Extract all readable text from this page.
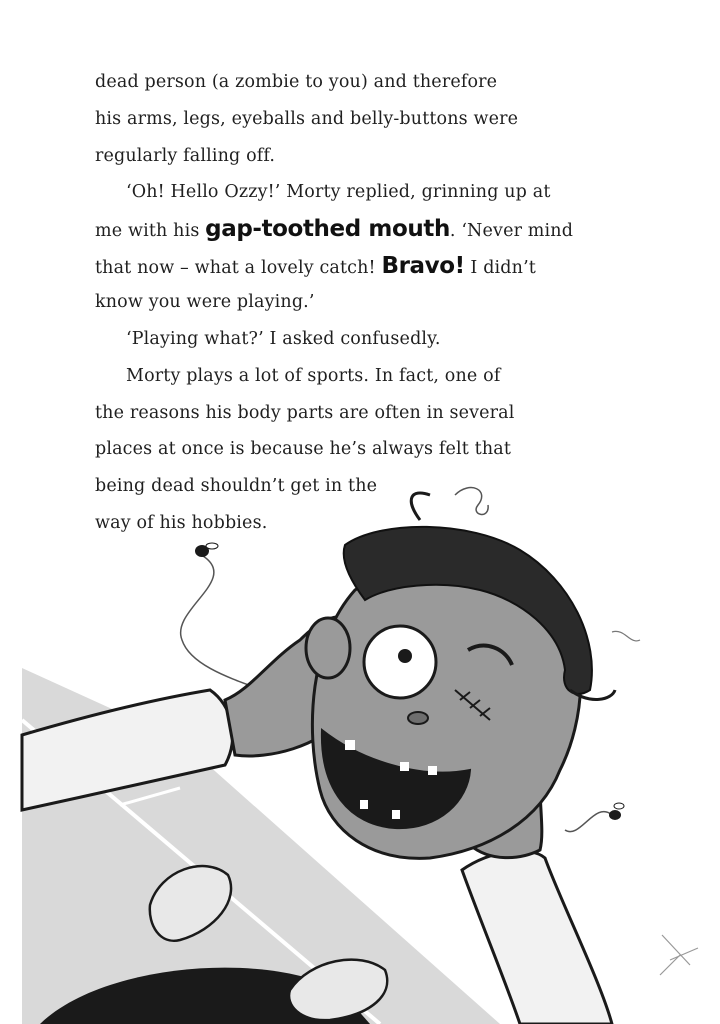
dead person (a zombie to you) and therefore
his arms, legs, eyeballs and belly-buttons were
regularly falling off.
‘Oh! Hello Ozzy!’ Morty replied, grinning up at
me with his gap-toothed mouth. ‘Never mind
that now – what a lovely catch! Bravo! I didn’t
know you were playing.’
‘Playing what?’ I asked confusedly.
Morty plays a lot of sports. In fact, one of
the reasons his body parts are often in several
places at once is because he’s always felt that
being dead shouldn’t get in the
way of his hobbies.
